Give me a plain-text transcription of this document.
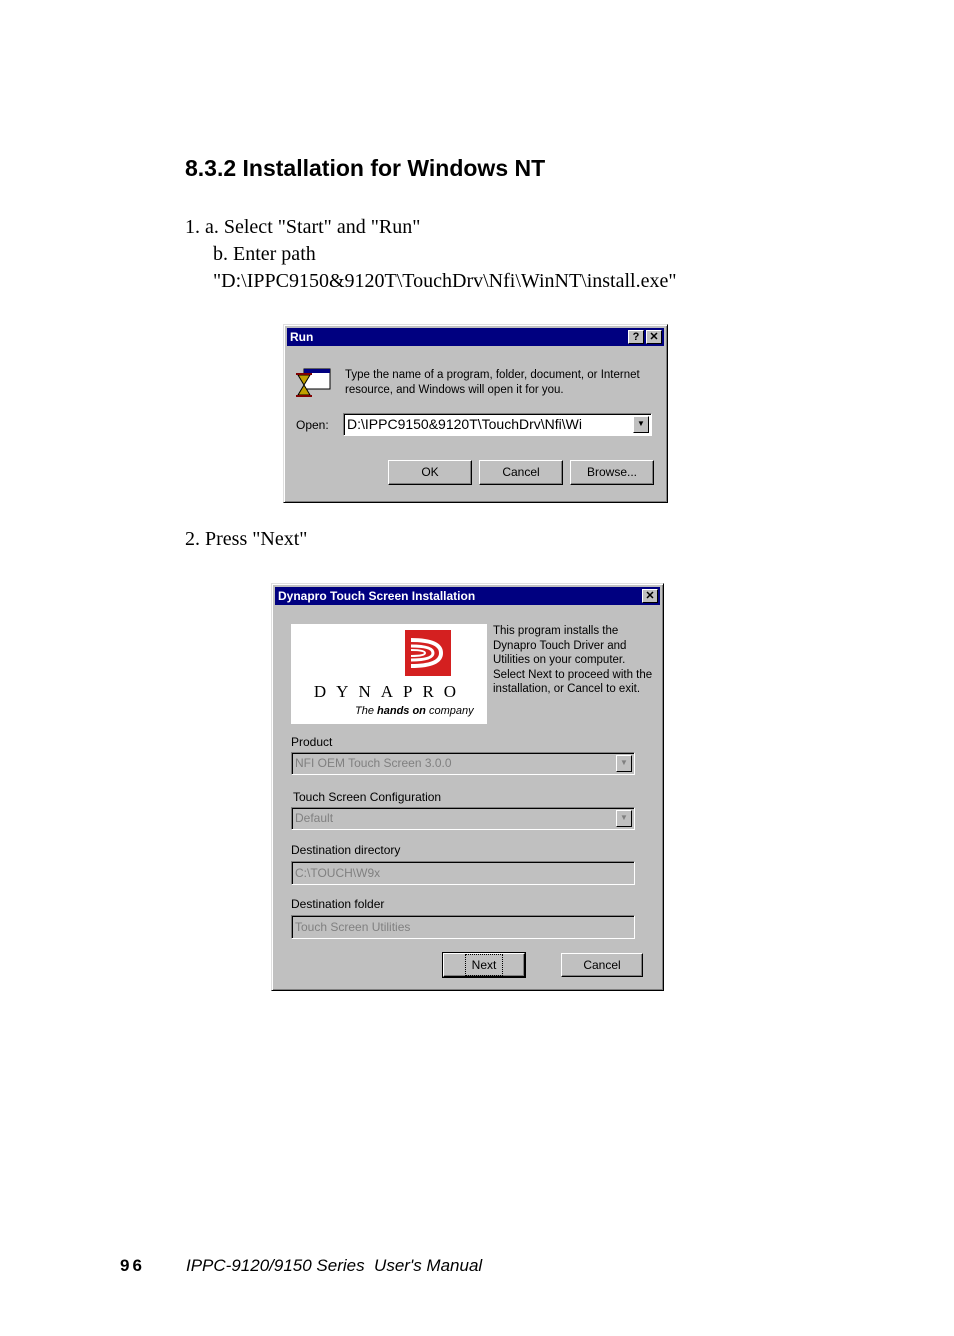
8.3.2 Installation for Windows NT
1. a. Select "Start" and "Run"
b. Enter path
"D:\IPPC9150&9120T\TouchDrv\Nfi\WinNT\install.exe"
Run	? ✕
Type the name of a program, folder, document, or Internet resource, and Windows will open it for you.
Open: D:\IPPC9150&9120T\TouchDrv\Nfi\Wi	▼
OK	Cancel	Browse...
2. Press "Next"
Dynapro Touch Screen Installation	✕
DYNAPRO
The hands on company
This program installs the Dynapro Touch Driver and Utilities on your computer. Select Next to proceed with the installation, or Cancel to exit.
Product
NFI OEM Touch Screen 3.0.0	▼
Touch Screen Configuration
Default	▼
Destination directory
C:\TOUCH\W9x
Destination folder
Touch Screen Utilities
Next	Cancel
96 IPPC-9120/9150 Series  User's Manual
